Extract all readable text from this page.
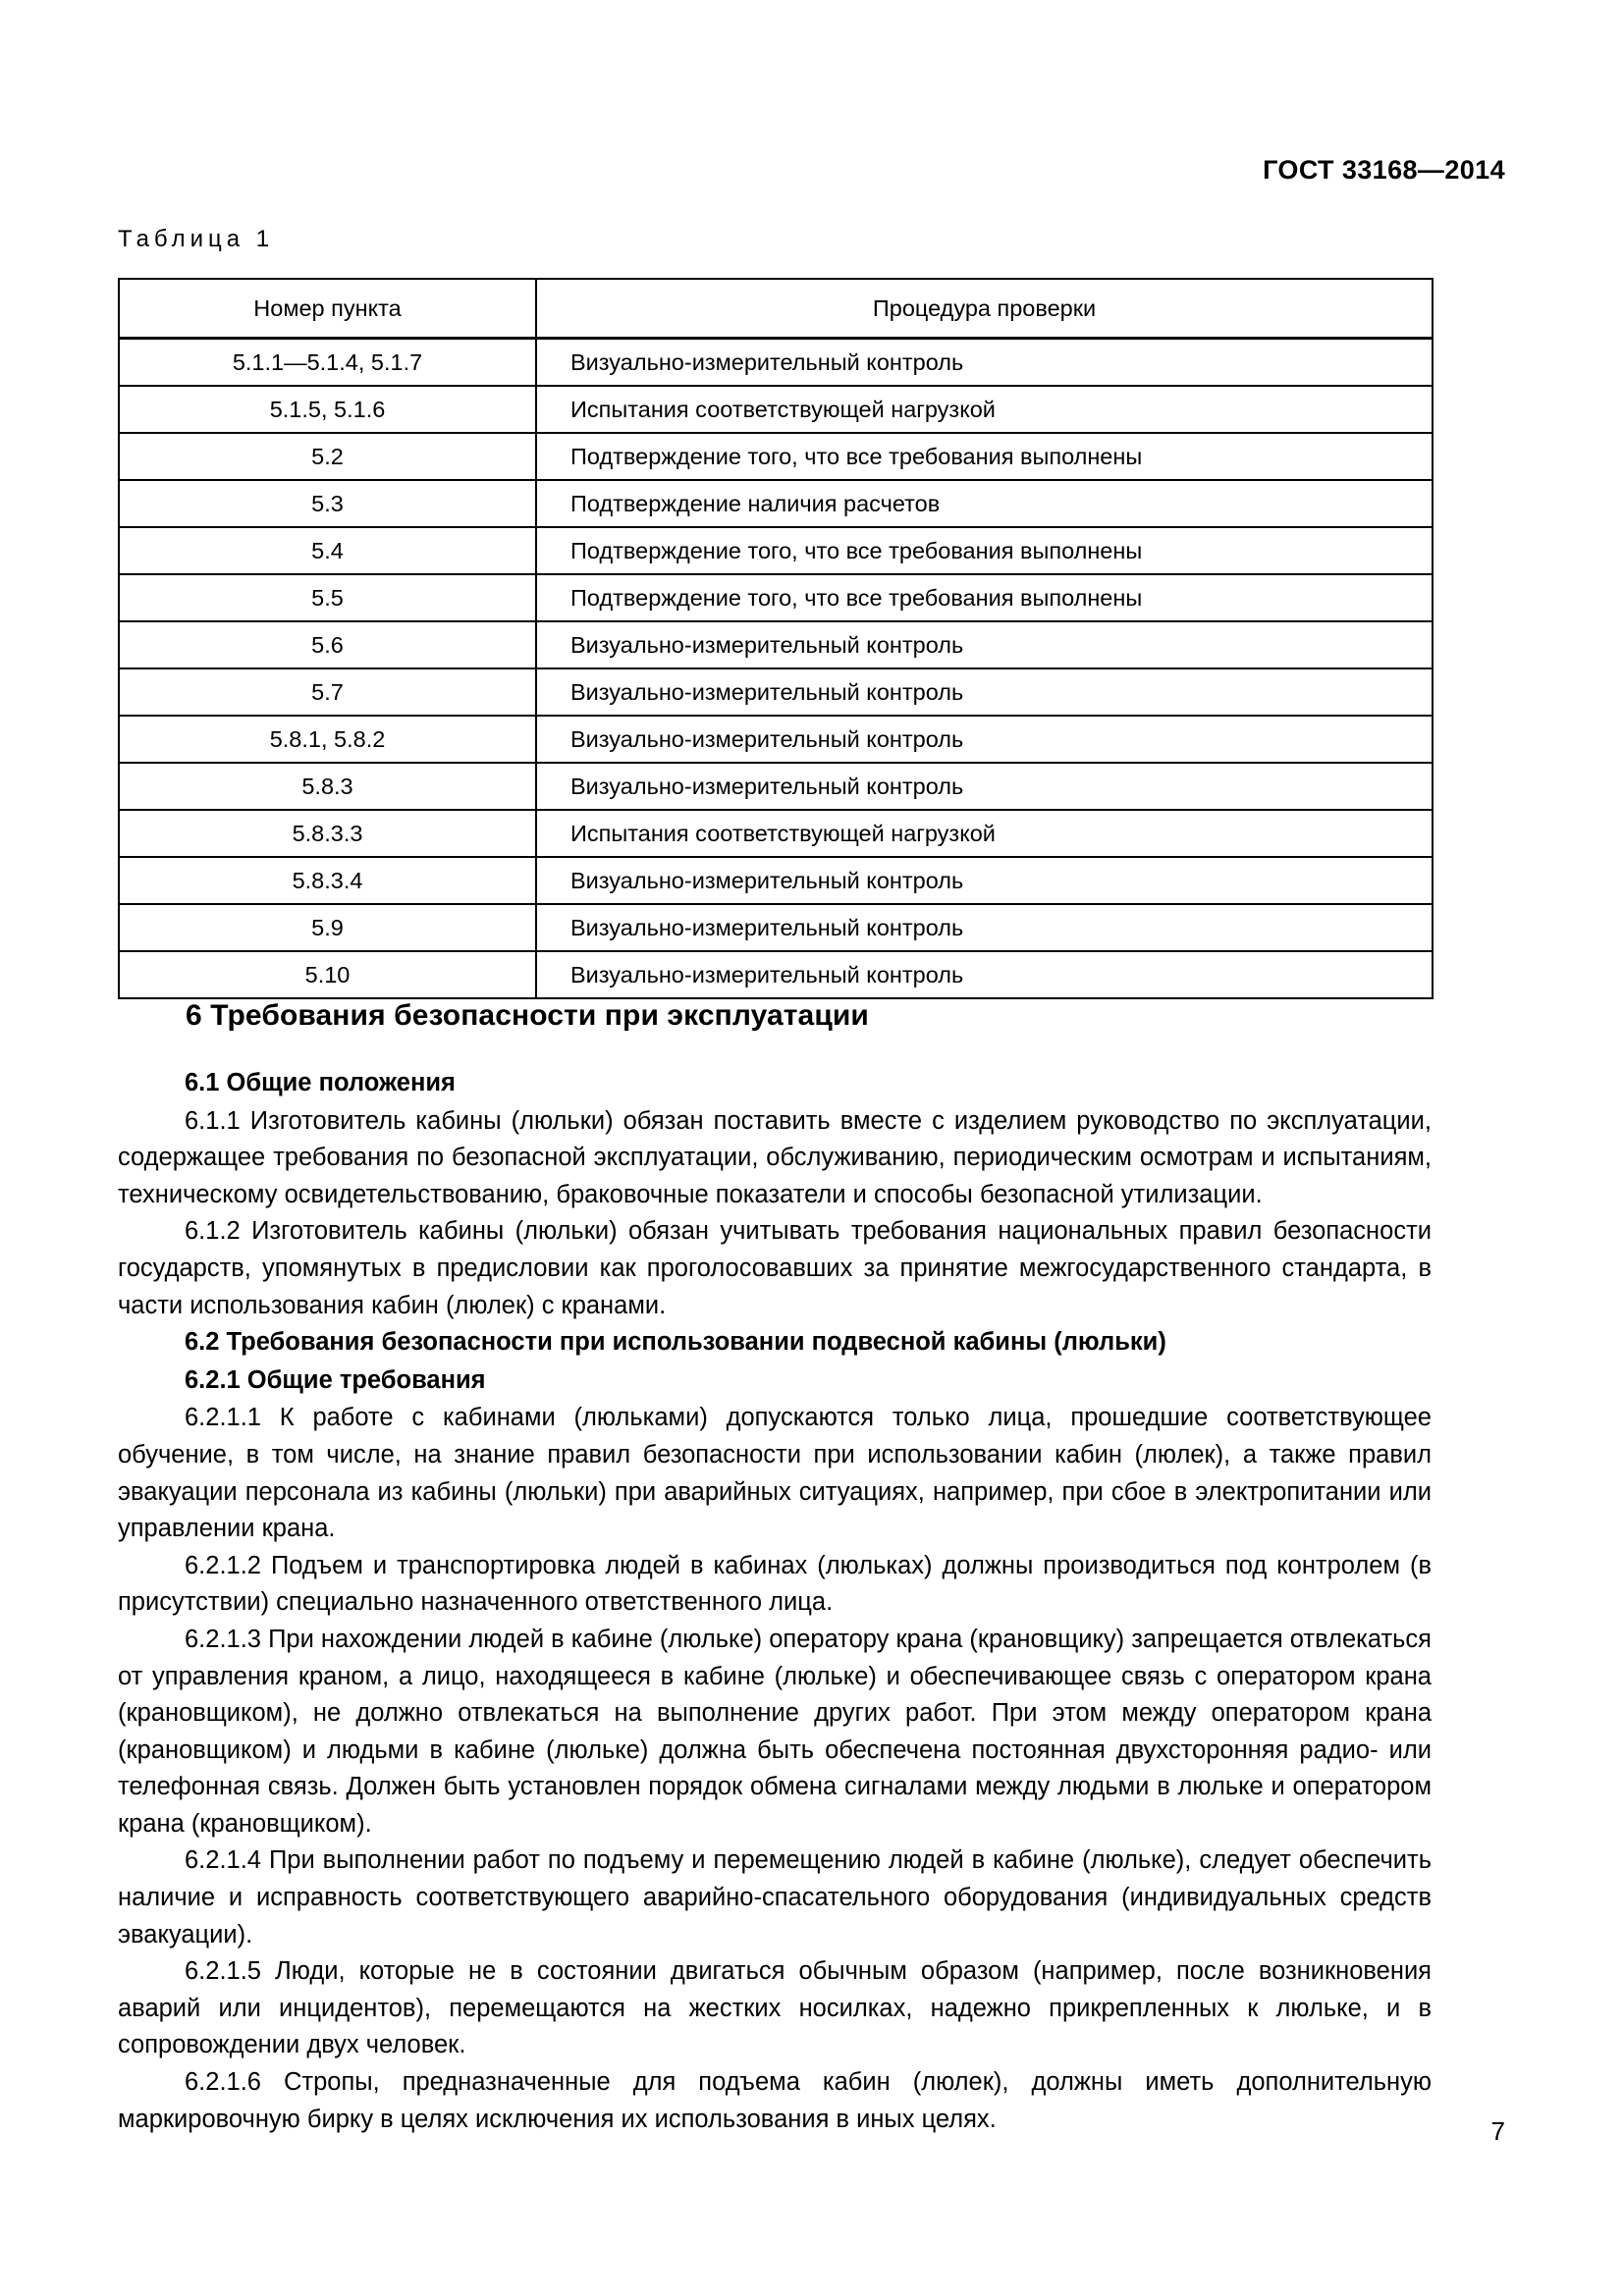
ГОСТ 33168—2014
Таблица 1
Номер пункта	Процедура проверки
5.1.1—5.1.4, 5.1.7	Визуально-измерительный контроль
5.1.5, 5.1.6	Испытания соответствующей нагрузкой
5.2	Подтверждение того, что все требования выполнены
5.3	Подтверждение наличия расчетов
5.4	Подтверждение того, что все требования выполнены
5.5	Подтверждение того, что все требования выполнены
5.6	Визуально-измерительный контроль
5.7	Визуально-измерительный контроль
5.8.1, 5.8.2	Визуально-измерительный контроль
5.8.3	Визуально-измерительный контроль
5.8.3.3	Испытания соответствующей нагрузкой
5.8.3.4	Визуально-измерительный контроль
5.9	Визуально-измерительный контроль
5.10	Визуально-измерительный контроль
6 Требования безопасности при эксплуатации
6.1 Общие положения

6.1.1 Изготовитель кабины (люльки) обязан поставить вместе с изделием руководство по эксплуатации, содержащее требования по безопасной эксплуатации, обслуживанию, периодическим осмотрам и испытаниям, техническому освидетельствованию, браковочные показатели и способы безопасной утилизации.

6.1.2 Изготовитель кабины (люльки) обязан учитывать требования национальных правил безопасности государств, упомянутых в предисловии как проголосовавших за принятие межгосударственного стандарта, в части использования кабин (люлек) с кранами.

6.2 Требования безопасности при использовании подвесной кабины (люльки)
6.2.1 Общие требования

6.2.1.1 К работе с кабинами (люльками) допускаются только лица, прошедшие соответствующее обучение, в том числе, на знание правил безопасности при использовании кабин (люлек), а также правил эвакуации персонала из кабины (люльки) при аварийных ситуациях, например, при сбое в электропитании или управлении крана.

6.2.1.2 Подъем и транспортировка людей в кабинах (люльках) должны производиться под контролем (в присутствии) специально назначенного ответственного лица.

6.2.1.3 При нахождении людей в кабине (люльке) оператору крана (крановщику) запрещается отвлекаться от управления краном, а лицо, находящееся в кабине (люльке) и обеспечивающее связь с оператором крана (крановщиком), не должно отвлекаться на выполнение других работ. При этом между оператором крана (крановщиком) и людьми в кабине (люльке) должна быть обеспечена постоянная двухсторонняя радио- или телефонная связь. Должен быть установлен порядок обмена сигналами между людьми в люльке и оператором крана (крановщиком).

6.2.1.4 При выполнении работ по подъему и перемещению людей в кабине (люльке), следует обеспечить наличие и исправность соответствующего аварийно-спасательного оборудования (индивидуальных средств эвакуации).

6.2.1.5 Люди, которые не в состоянии двигаться обычным образом (например, после возникновения аварий или инцидентов), перемещаются на жестких носилках, надежно прикрепленных к люльке, и в сопровождении двух человек.

6.2.1.6 Стропы, предназначенные для подъема кабин (люлек), должны иметь дополнительную маркировочную бирку в целях исключения их использования в иных целях.	7
